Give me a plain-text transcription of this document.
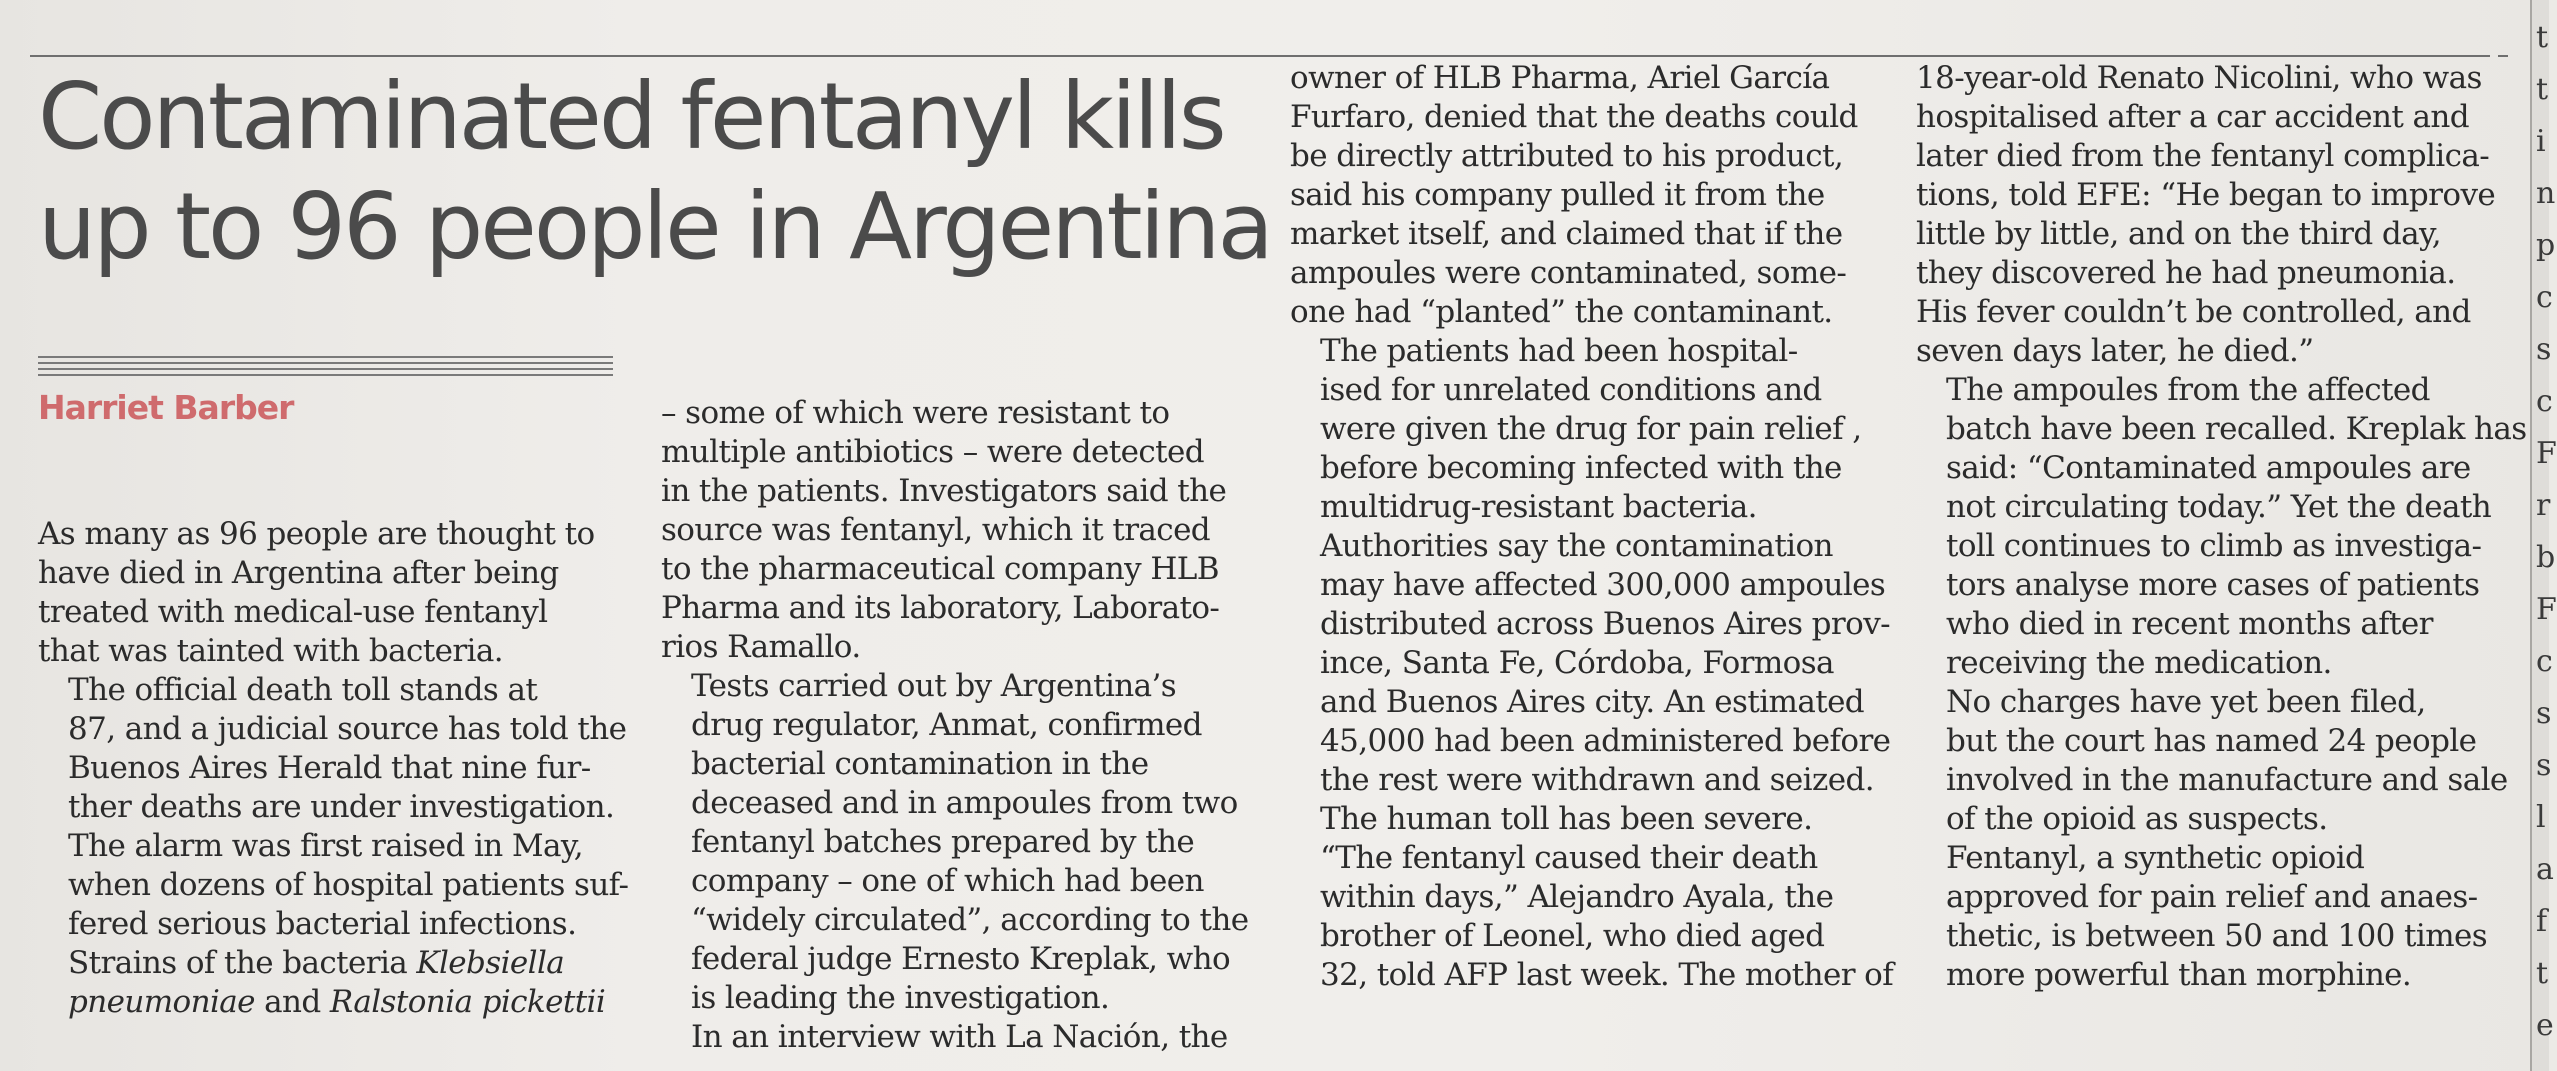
Contaminated fentanyl kills
up to 96 people in Argentina

Harriet Barber

As many as 96 people are thought to
have died in Argentina after being
treated with medical-use fentanyl
that was tainted with bacteria.

The official death toll stands at
87, and a judicial source has told the
Buenos Aires Herald that nine fur-
ther deaths are under investigation.

The alarm was first raised in May,
when dozens of hospital patients suf-
fered serious bacterial infections.
Strains of the bacteria Klebsiella
pneumoniae and Ralstonia pickettii

– some of which were resistant to
multiple antibiotics – were detected
in the patients. Investigators said the
source was fentanyl, which it traced
to the pharmaceutical company HLB
Pharma and its laboratory, Laborato-
rios Ramallo.

Tests carried out by Argentina’s
drug regulator, Anmat, confirmed
bacterial contamination in the
deceased and in ampoules from two
fentanyl batches prepared by the
company – one of which had been
“widely circulated”, according to the
federal judge Ernesto Kreplak, who
is leading the investigation.

In an interview with La Nación, the

owner of HLB Pharma, Ariel García
Furfaro, denied that the deaths could
be directly attributed to his product,
said his company pulled it from the
market itself, and claimed that if the
ampoules were contaminated, some-
one had “planted” the contaminant.

The patients had been hospital-
ised for unrelated conditions and
were given the drug for pain relief ,
before becoming infected with the
multidrug-resistant bacteria.

Authorities say the contamination
may have affected 300,000 ampoules
distributed across Buenos Aires prov-
ince, Santa Fe, Córdoba, Formosa
and Buenos Aires city. An estimated
45,000 had been administered before
the rest were withdrawn and seized.

The human toll has been severe.
“The fentanyl caused their death
within days,” Alejandro Ayala, the
brother of Leonel, who died aged
32, told AFP last week. The mother of

18-year-old Renato Nicolini, who was
hospitalised after a car accident and
later died from the fentanyl complica-
tions, told EFE: “He began to improve
little by little, and on the third day,
they discovered he had pneumonia.
His fever couldn’t be controlled, and
seven days later, he died.”

The ampoules from the affected
batch have been recalled. Kreplak has
said: “Contaminated ampoules are
not circulating today.” Yet the death
toll continues to climb as investiga-
tors analyse more cases of patients
who died in recent months after
receiving the medication.

No charges have yet been filed,
but the court has named 24 people
involved in the manufacture and sale
of the opioid as suspects.

Fentanyl, a synthetic opioid
approved for pain relief and anaes-
thetic, is between 50 and 100 times
more powerful than morphine.

t
t
i
n
p
c
s
c
F
r
b
F
c
s
s
l
a
f
t
e
